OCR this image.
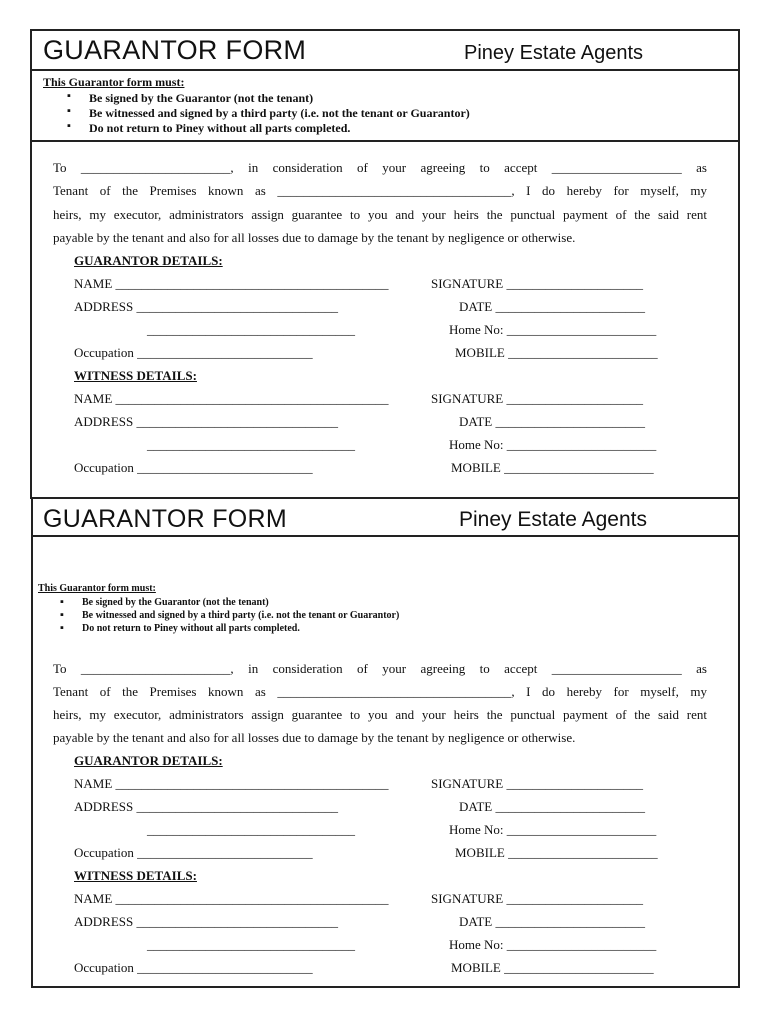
GUARANTOR FORM	Piney Estate Agents
This Guarantor form must:
▪ Be signed by the Guarantor (not the tenant)
▪ Be witnessed and signed by a third party (i.e. not the tenant or Guarantor)
▪ Do not return to Piney without all parts completed.
To _______________________, in consideration of your agreeing to accept ____________________ as
Tenant of the Premises known as ____________________________________, I do hereby for myself, my
heirs, my executor, administrators assign guarantee to you and your heirs the punctual payment of the said rent
payable by the tenant and also for all losses due to damage by the tenant by negligence or otherwise.
GUARANTOR DETAILS:
NAME __________________________________________
ADDRESS _______________________________
________________________________
Occupation ___________________________
SIGNATURE _____________________
DATE _______________________
Home No: _______________________
MOBILE _______________________
WITNESS DETAILS:
NAME __________________________________________
ADDRESS _______________________________
________________________________
Occupation ___________________________
SIGNATURE _____________________
DATE _______________________
Home No: _______________________
MOBILE _______________________
GUARANTOR FORM	Piney Estate Agents
This Guarantor form must:
▪ Be signed by the Guarantor (not the tenant)
▪ Be witnessed and signed by a third party (i.e. not the tenant or Guarantor)
▪ Do not return to Piney without all parts completed.
To _______________________, in consideration of your agreeing to accept ____________________ as
Tenant of the Premises known as ____________________________________, I do hereby for myself, my
heirs, my executor, administrators assign guarantee to you and your heirs the punctual payment of the said rent
payable by the tenant and also for all losses due to damage by the tenant by negligence or otherwise.
GUARANTOR DETAILS:
NAME __________________________________________
ADDRESS _______________________________
________________________________
Occupation ___________________________
SIGNATURE _____________________
DATE _______________________
Home No: _______________________
MOBILE _______________________
WITNESS DETAILS:
NAME __________________________________________
ADDRESS _______________________________
________________________________
Occupation ___________________________
SIGNATURE _____________________
DATE _______________________
Home No: _______________________
MOBILE _______________________
